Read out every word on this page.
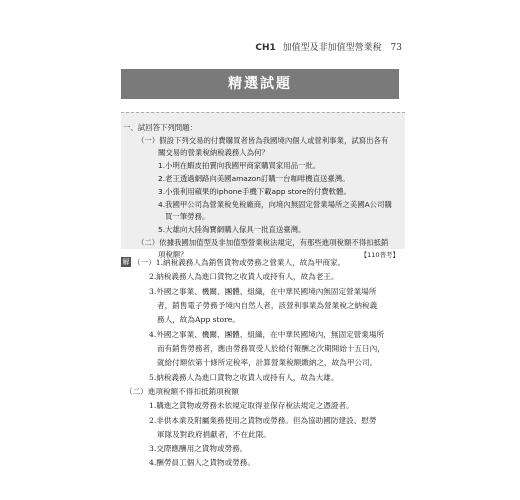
CH1 加值型及非加值型營業稅 73
精選試題
一、試回答下列問題：
（一）假設下列交易的付費購買者皆為我國境內個人或營利事業，試寫出各有
關交易的營業稅納稅義務人為何？
1.小明在蝦皮拍賣向我國甲商家購買家用品一批。
2.老王透過網路向美國amazon訂購一台咖啡機直送臺灣。
3.小張利用蘋果的iphone手機下載app store的付費軟體。
4.我國甲公司為營業稅免稅廠商，向境內無固定營業場所之美國A公司購
買一筆勞務。
5.大雄向大陸淘寶網購入傢具一批直送臺灣。
（二）依據我國加值型及非加值型營業稅法規定，有那些進項稅額不得扣抵銷
項稅額？	【110普考】
解 （一）1.納稅義務人為銷售貨物或勞務之營業人，故為甲商家。
2.納稅義務人為進口貨物之收貨人或持有人，故為老王。
3.外國之事業、機關、團體、組織，在中華民國境內無固定營業場所
者，銷售電子勞務予境內自然人者，該營利事業為營業稅之納稅義
務人，故為App store。
4.外國之事業、機關、團體、組織，在中華民國境內，無固定營業場所
而有銷售勞務者，應由勞務買受人於給付報酬之次期開始十五日內，
就給付額依第十條所定稅率，計算營業稅額繳納之，故為甲公司。
5.納稅義務人為進口貨物之收貨人或持有人，故為大雄。
（二）進項稅額不得扣抵銷項稅額
1.購進之貨物或勞務未依規定取得並保存稅法規定之憑證者。
2.非供本業及附屬業務使用之貨物或勞務。但為協助國防建設、慰勞
軍隊及對政府捐獻者，不在此限。
3.交際應酬用之貨物或勞務。
4.酬勞員工個人之貨物或勞務。
